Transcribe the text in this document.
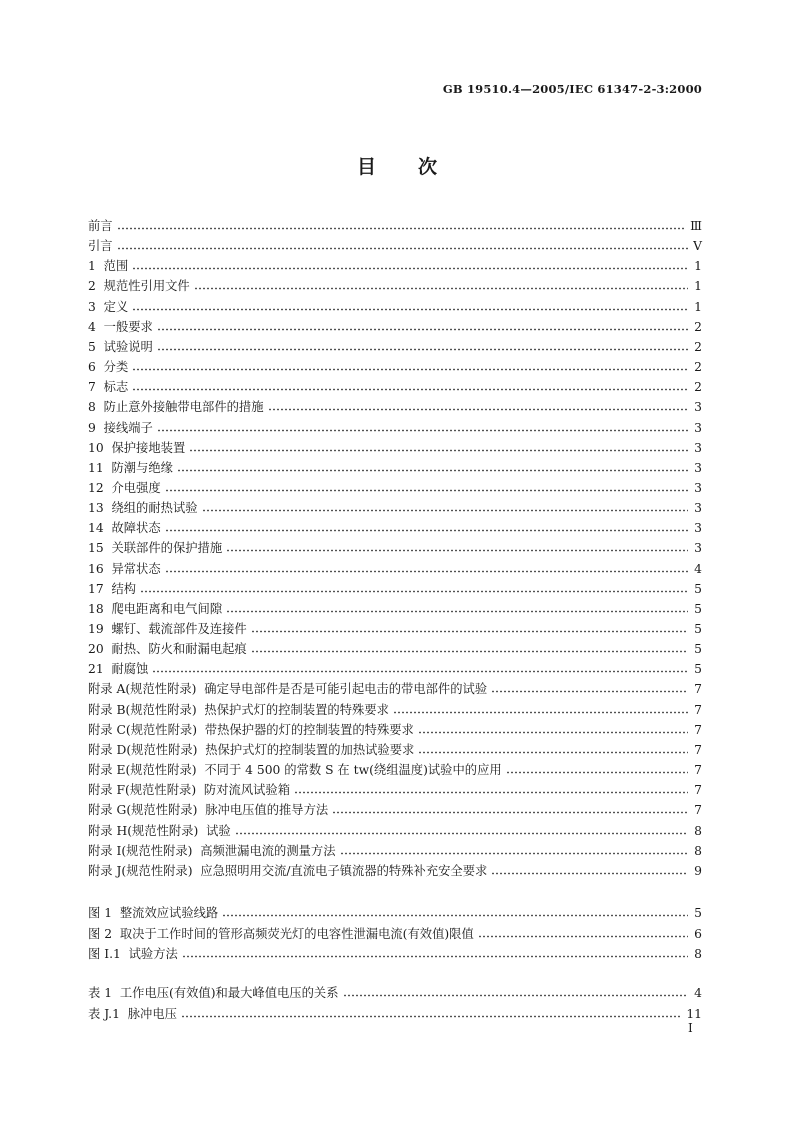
GB 19510.4—2005/IEC 61347-2-3:2000
目次
前言	Ⅲ
引言	V
1  范围	1
2  规范性引用文件	1
3  定义	1
4  一般要求	2
5  试验说明	2
6  分类	2
7  标志	2
8  防止意外接触带电部件的措施	3
9  接线端子	3
10  保护接地装置	3
11  防潮与绝缘	3
12  介电强度	3
13  绕组的耐热试验	3
14  故障状态	3
15  关联部件的保护措施	3
16  异常状态	4
17  结构	5
18  爬电距离和电气间隙	5
19  螺钉、载流部件及连接件	5
20  耐热、防火和耐漏电起痕	5
21  耐腐蚀	5
附录 A(规范性附录)  确定导电部件是否是可能引起电击的带电部件的试验	7
附录 B(规范性附录)  热保护式灯的控制装置的特殊要求	7
附录 C(规范性附录)  带热保护器的灯的控制装置的特殊要求	7
附录 D(规范性附录)  热保护式灯的控制装置的加热试验要求	7
附录 E(规范性附录)  不同于 4 500 的常数 S 在 tw(绕组温度)试验中的应用	7
附录 F(规范性附录)  防对流风试验箱	7
附录 G(规范性附录)  脉冲电压值的推导方法	7
附录 H(规范性附录)  试验	8
附录 I(规范性附录)  高频泄漏电流的测量方法	8
附录 J(规范性附录)  应急照明用交流/直流电子镇流器的特殊补充安全要求	9
图 1  整流效应试验线路	5
图 2  取决于工作时间的管形高频荧光灯的电容性泄漏电流(有效值)限值	6
图 I.1  试验方法	8
表 1  工作电压(有效值)和最大峰值电压的关系	4
表 J.1  脉冲电压	11
I
